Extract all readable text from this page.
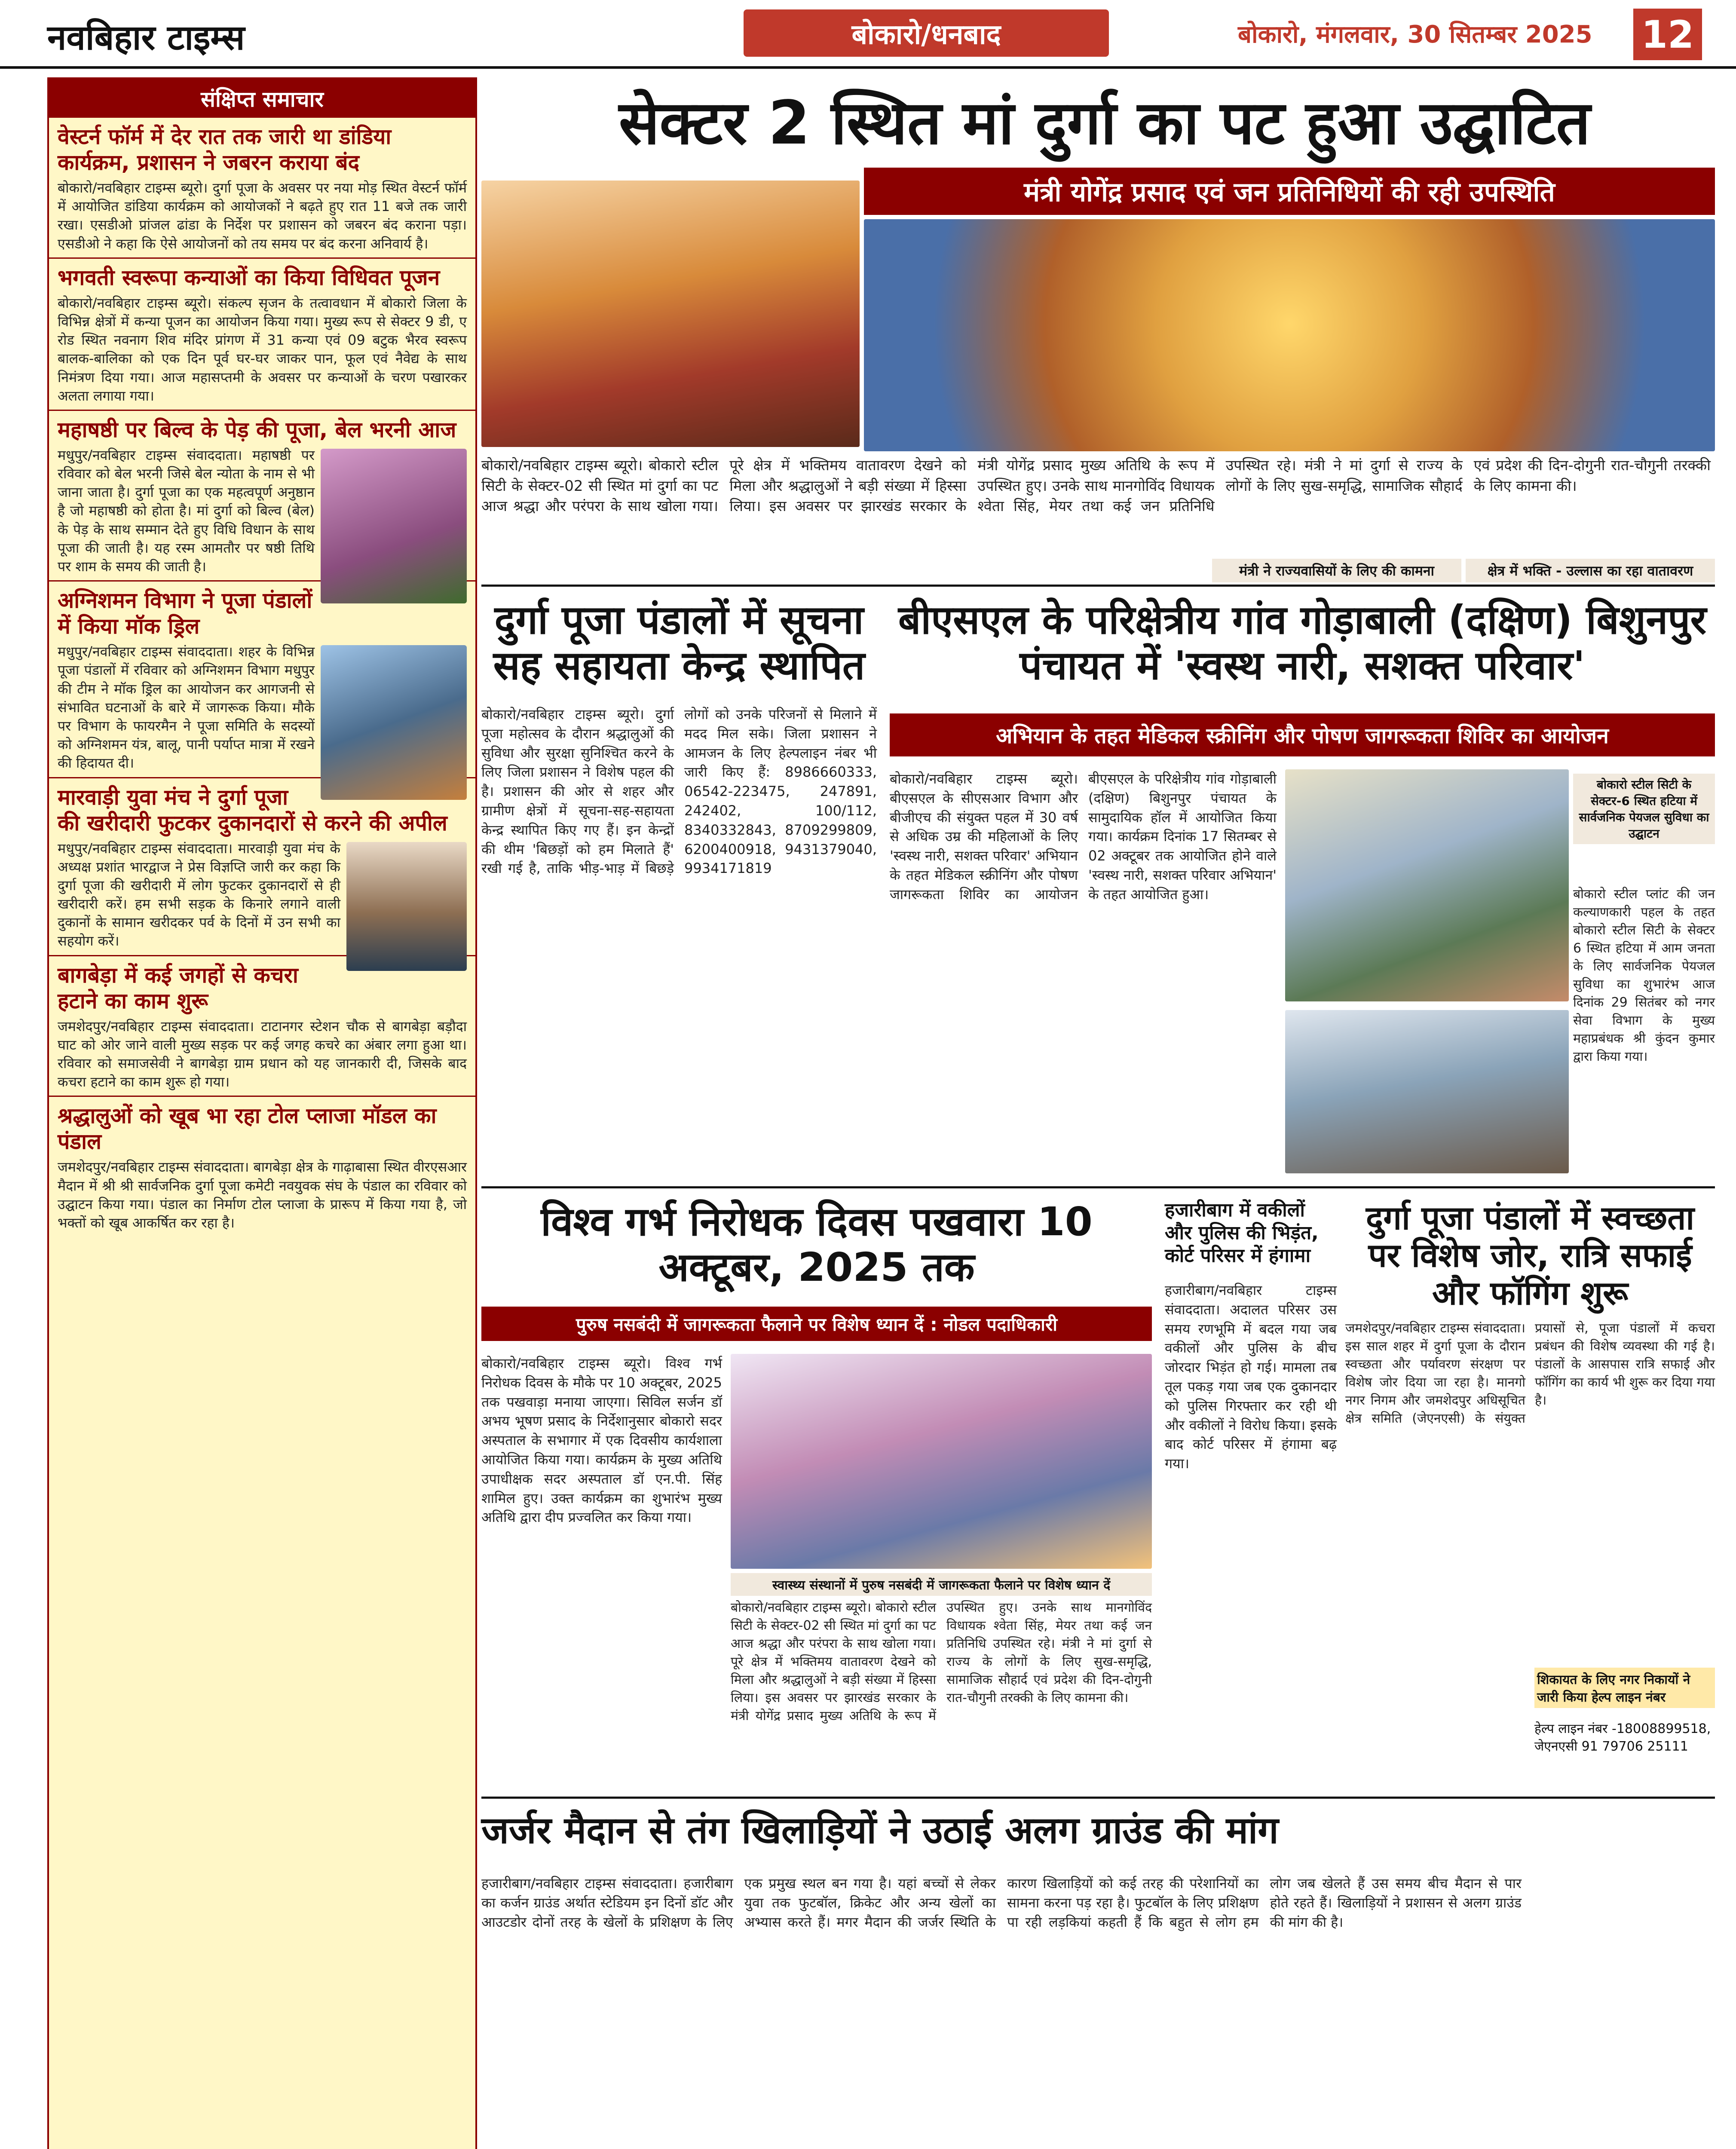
नवबिहार टाइम्स	बोकारो/धनबाद	बोकारो, मंगलवार, 30 सितम्बर 2025 12
संक्षिप्त समाचार
वेस्टर्न फॉर्म में देर रात तक जारी था डांडिया कार्यक्रम, प्रशासन ने जबरन कराया बंद
बोकारो/नवबिहार टाइम्स ब्यूरो। दुर्गा पूजा के अवसर पर नया मोड़ स्थित वेस्टर्न फॉर्म में आयोजित डांडिया कार्यक्रम को आयोजकों ने बढ़ते हुए रात 11 बजे तक जारी रखा। एसडीओ प्रांजल ढांडा के निर्देश पर प्रशासन को जबरन बंद कराना पड़ा। एसडीओ ने कहा कि ऐसे आयोजनों को तय समय पर बंद करना अनिवार्य है।
भगवती स्वरूपा कन्याओं का किया विधिवत पूजन
बोकारो/नवबिहार टाइम्स ब्यूरो। संकल्प सृजन के तत्वावधान में बोकारो जिला के विभिन्न क्षेत्रों में कन्या पूजन का आयोजन किया गया। मुख्य रूप से सेक्टर 9 डी, ए रोड स्थित नवनाग शिव मंदिर प्रांगण में 31 कन्या एवं 09 बटुक भैरव स्वरूप बालक-बालिका को एक दिन पूर्व घर-घर जाकर पान, फूल एवं नैवेद्य के साथ निमंत्रण दिया गया। आज महासप्तमी के अवसर पर कन्याओं के चरण पखारकर अलता लगाया गया।
महाषष्ठी पर बिल्व के पेड़ की पूजा, बेल भरनी आज
मधुपुर/नवबिहार टाइम्स संवाददाता। महाषष्ठी पर रविवार को बेल भरनी जिसे बेल न्योता के नाम से भी जाना जाता है। दुर्गा पूजा का एक महत्वपूर्ण अनुष्ठान है जो महाषष्ठी को होता है। मां दुर्गा को बिल्व (बेल) के पेड़ के साथ सम्मान देते हुए विधि विधान के साथ पूजा की जाती है। यह रस्म आमतौर पर षष्ठी तिथि पर शाम के समय की जाती है।
अग्निशमन विभाग ने पूजा पंडालों में किया मॉक ड्रिल
मधुपुर/नवबिहार टाइम्स संवाददाता। शहर के विभिन्न पूजा पंडालों में रविवार को अग्निशमन विभाग मधुपुर की टीम ने मॉक ड्रिल का आयोजन कर आगजनी से संभावित घटनाओं के बारे में जागरूक किया। मौके पर विभाग के फायरमैन ने पूजा समिति के सदस्यों को अग्निशमन यंत्र, बालू, पानी पर्याप्त मात्रा में रखने की हिदायत दी।
मारवाड़ी युवा मंच ने दुर्गा पूजा की खरीदारी फुटकर दुकानदारों से करने की अपील
मधुपुर/नवबिहार टाइम्स संवाददाता। मारवाड़ी युवा मंच के अध्यक्ष प्रशांत भारद्वाज ने प्रेस विज्ञप्ति जारी कर कहा कि दुर्गा पूजा की खरीदारी में लोग फुटकर दुकानदारों से ही खरीदारी करें। हम सभी सड़क के किनारे लगाने वाली दुकानों के सामान खरीदकर पर्व के दिनों में उन सभी का सहयोग करें।
बागबेड़ा में कई जगहों से कचरा हटाने का काम शुरू
जमशेदपुर/नवबिहार टाइम्स संवाददाता। टाटानगर स्टेशन चौक से बागबेड़ा बड़ौदा घाट को ओर जाने वाली मुख्य सड़क पर कई जगह कचरे का अंबार लगा हुआ था। रविवार को समाजसेवी ने बागबेड़ा ग्राम प्रधान को यह जानकारी दी, जिसके बाद कचरा हटाने का काम शुरू हो गया।
श्रद्धालुओं को खूब भा रहा टोल प्लाजा मॉडल का पंडाल
जमशेदपुर/नवबिहार टाइम्स संवाददाता। बागबेड़ा क्षेत्र के गाढ़ाबासा स्थित वीरएसआर मैदान में श्री श्री सार्वजनिक दुर्गा पूजा कमेटी नवयुवक संघ के पंडाल का रविवार को उद्घाटन किया गया। पंडाल का निर्माण टोल प्लाजा के प्रारूप में किया गया है, जो भक्तों को खूब आकर्षित कर रहा है।
सेक्टर 2 स्थित मां दुर्गा का पट हुआ उद्घाटित
मंत्री योगेंद्र प्रसाद एवं जन प्रतिनिधियों की रही उपस्थिति
बोकारो/नवबिहार टाइम्स ब्यूरो। बोकारो स्टील सिटी के सेक्टर-02 सी स्थित मां दुर्गा का पट आज श्रद्धा और परंपरा के साथ खोला गया। पूरे क्षेत्र में भक्तिमय वातावरण देखने को मिला और श्रद्धालुओं ने बड़ी संख्या में हिस्सा लिया। इस अवसर पर झारखंड सरकार के मंत्री योगेंद्र प्रसाद मुख्य अतिथि के रूप में उपस्थित हुए। उनके साथ मानगोविंद विधायक श्वेता सिंह, मेयर तथा कई जन प्रतिनिधि उपस्थित रहे। मंत्री ने मां दुर्गा से राज्य के लोगों के लिए सुख-समृद्धि, सामाजिक सौहार्द एवं प्रदेश की दिन-दोगुनी रात-चौगुनी तरक्की के लिए कामना की।
मंत्री ने राज्यवासियों के लिए की कामना	क्षेत्र में भक्ति - उल्लास का रहा वातावरण
दुर्गा पूजा पंडालों में सूचना सह सहायता केन्द्र स्थापित
बोकारो/नवबिहार टाइम्स ब्यूरो। दुर्गा पूजा महोत्सव के दौरान श्रद्धालुओं की सुविधा और सुरक्षा सुनिश्चित करने के लिए जिला प्रशासन ने विशेष पहल की है। प्रशासन की ओर से शहर और ग्रामीण क्षेत्रों में सूचना-सह-सहायता केन्द्र स्थापित किए गए हैं। इन केन्द्रों की थीम 'बिछड़ों को हम मिलाते हैं' रखी गई है, ताकि भीड़-भाड़ में बिछड़े लोगों को उनके परिजनों से मिलाने में मदद मिल सके। जिला प्रशासन ने आमजन के लिए हेल्पलाइन नंबर भी जारी किए हैं: 8986660333, 06542-223475, 247891, 242402, 100/112, 8340332843, 8709299809, 6200400918, 9431379040, 9934171819
बीएसएल के परिक्षेत्रीय गांव गोड़ाबाली (दक्षिण) बिशुनपुर पंचायत में 'स्वस्थ नारी, सशक्त परिवार'
अभियान के तहत मेडिकल स्क्रीनिंग और पोषण जागरूकता शिविर का आयोजन
बोकारो/नवबिहार टाइम्स ब्यूरो। बीएसएल के सीएसआर विभाग और बीजीएच की संयुक्त पहल में 30 वर्ष से अधिक उम्र की महिलाओं के लिए 'स्वस्थ नारी, सशक्त परिवार' अभियान के तहत मेडिकल स्क्रीनिंग और पोषण जागरूकता शिविर का आयोजन बीएसएल के परिक्षेत्रीय गांव गोड़ाबाली (दक्षिण) बिशुनपुर पंचायत के सामुदायिक हॉल में आयोजित किया गया। कार्यक्रम दिनांक 17 सितम्बर से 02 अक्टूबर तक आयोजित होने वाले 'स्वस्थ नारी, सशक्त परिवार अभियान' के तहत आयोजित हुआ।
बोकारो स्टील सिटी के सेक्टर-6 स्थित हटिया में सार्वजनिक पेयजल सुविधा का उद्घाटन
बोकारो स्टील प्लांट की जन कल्याणकारी पहल के तहत बोकारो स्टील सिटी के सेक्टर 6 स्थित हटिया में आम जनता के लिए सार्वजनिक पेयजल सुविधा का शुभारंभ आज दिनांक 29 सितंबर को नगर सेवा विभाग के मुख्य महाप्रबंधक श्री कुंदन कुमार द्वारा किया गया।
विश्व गर्भ निरोधक दिवस पखवारा 10 अक्टूबर, 2025 तक
पुरुष नसबंदी में जागरूकता फैलाने पर विशेष ध्यान दें : नोडल पदाधिकारी
बोकारो/नवबिहार टाइम्स ब्यूरो। विश्व गर्भ निरोधक दिवस के मौके पर 10 अक्टूबर, 2025 तक पखवाड़ा मनाया जाएगा। सिविल सर्जन डॉ अभय भूषण प्रसाद के निर्देशानुसार बोकारो सदर अस्पताल के सभागार में एक दिवसीय कार्यशाला आयोजित किया गया। कार्यक्रम के मुख्य अतिथि उपाधीक्षक सदर अस्पताल डॉ एन.पी. सिंह शामिल हुए। उक्त कार्यक्रम का शुभारंभ मुख्य अतिथि द्वारा दीप प्रज्वलित कर किया गया।
स्वास्थ्य संस्थानों में पुरुष नसबंदी में जागरूकता फैलाने पर विशेष ध्यान दें
बोकारो/नवबिहार टाइम्स ब्यूरो। बोकारो स्टील सिटी के सेक्टर-02 सी स्थित मां दुर्गा का पट आज श्रद्धा और परंपरा के साथ खोला गया। पूरे क्षेत्र में भक्तिमय वातावरण देखने को मिला और श्रद्धालुओं ने बड़ी संख्या में हिस्सा लिया। इस अवसर पर झारखंड सरकार के मंत्री योगेंद्र प्रसाद मुख्य अतिथि के रूप में उपस्थित हुए। उनके साथ मानगोविंद विधायक श्वेता सिंह, मेयर तथा कई जन प्रतिनिधि उपस्थित रहे। मंत्री ने मां दुर्गा से राज्य के लोगों के लिए सुख-समृद्धि, सामाजिक सौहार्द एवं प्रदेश की दिन-दोगुनी रात-चौगुनी तरक्की के लिए कामना की।
हजारीबाग में वकीलों और पुलिस की भिड़ंत, कोर्ट परिसर में हंगामा
हजारीबाग/नवबिहार टाइम्स संवाददाता। अदालत परिसर उस समय रणभूमि में बदल गया जब वकीलों और पुलिस के बीच जोरदार भिड़ंत हो गई। मामला तब तूल पकड़ गया जब एक दुकानदार को पुलिस गिरफ्तार कर रही थी और वकीलों ने विरोध किया। इसके बाद कोर्ट परिसर में हंगामा बढ़ गया।
दुर्गा पूजा पंडालों में स्वच्छता पर विशेष जोर, रात्रि सफाई और फॉगिंग शुरू
जमशेदपुर/नवबिहार टाइम्स संवाददाता। इस साल शहर में दुर्गा पूजा के दौरान स्वच्छता और पर्यावरण संरक्षण पर विशेष जोर दिया जा रहा है। मानगो नगर निगम और जमशेदपुर अधिसूचित क्षेत्र समिति (जेएनएसी) के संयुक्त प्रयासों से, पूजा पंडालों में कचरा प्रबंधन की विशेष व्यवस्था की गई है। पंडालों के आसपास रात्रि सफाई और फॉगिंग का कार्य भी शुरू कर दिया गया है।
शिकायत के लिए नगर निकायों ने जारी किया हेल्प लाइन नंबर
हेल्प लाइन नंबर -18008899518, जेएनएसी 91 79706 25111
जर्जर मैदान से तंग खिलाड़ियों ने उठाई अलग ग्राउंड की मांग
हजारीबाग/नवबिहार टाइम्स संवाददाता। हजारीबाग का कर्जन ग्राउंड अर्थात स्टेडियम इन दिनों डॉट और आउटडोर दोनों तरह के खेलों के प्रशिक्षण के लिए एक प्रमुख स्थल बन गया है। यहां बच्चों से लेकर युवा तक फुटबॉल, क्रिकेट और अन्य खेलों का अभ्यास करते हैं। मगर मैदान की जर्जर स्थिति के कारण खिलाड़ियों को कई तरह की परेशानियों का सामना करना पड़ रहा है। फुटबॉल के लिए प्रशिक्षण पा रही लड़कियां कहती हैं कि बहुत से लोग हम लोग जब खेलते हैं उस समय बीच मैदान से पार होते रहते हैं। खिलाड़ियों ने प्रशासन से अलग ग्राउंड की मांग की है।
